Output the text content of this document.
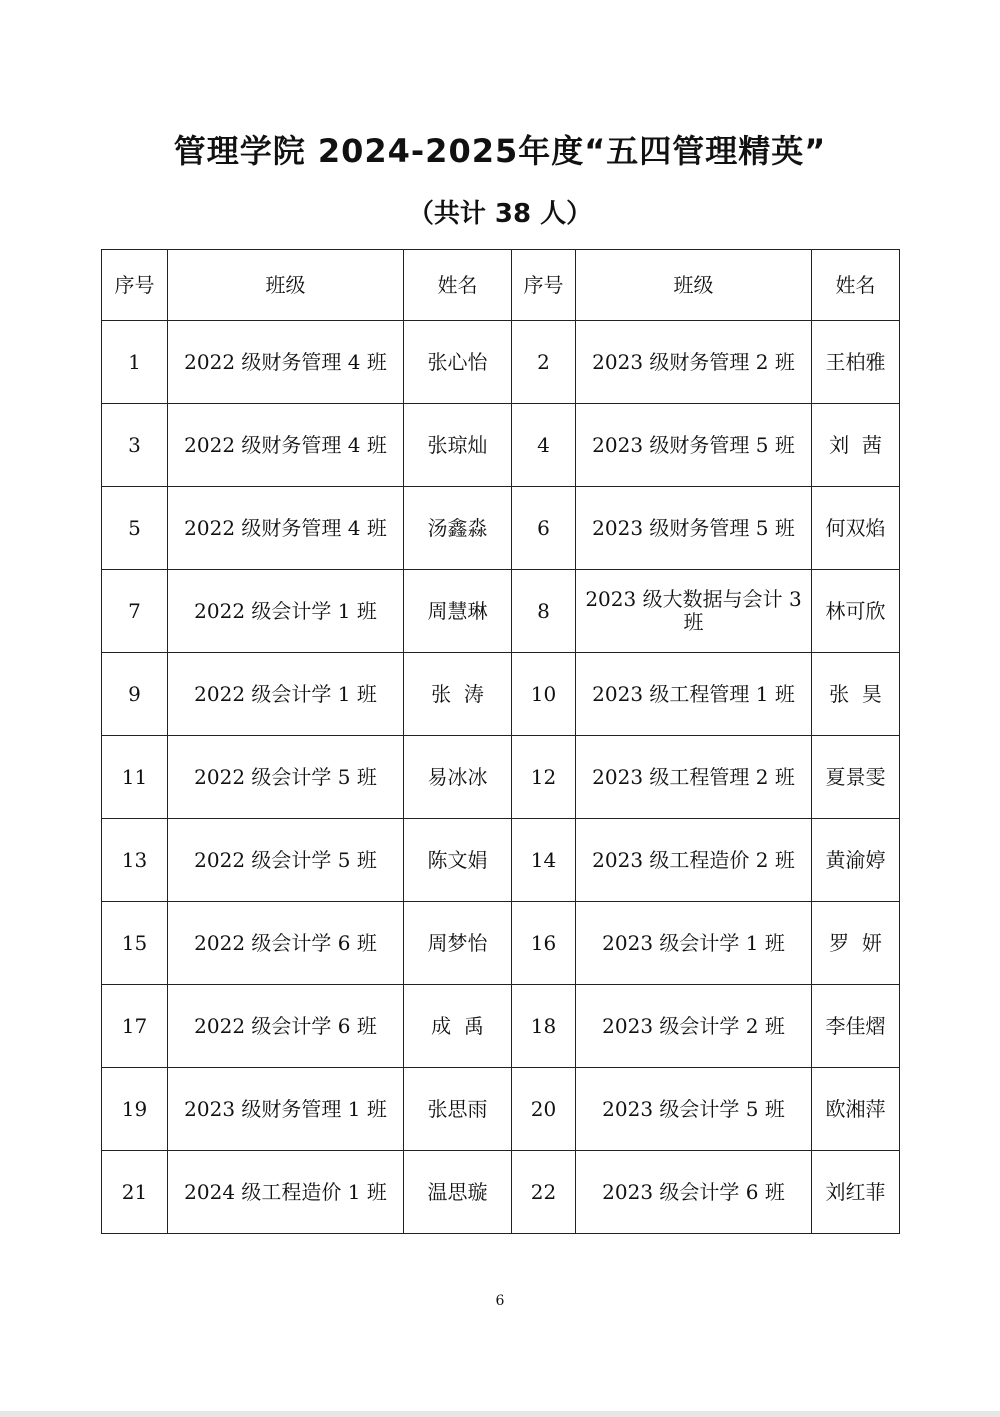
管理学院 2024-2025年度“五四管理精英”
（共计 38 人）
序号	班级	姓名	序号	班级	姓名
1	2022 级财务管理 4 班	张心怡	2	2023 级财务管理 2 班	王柏雅
3	2022 级财务管理 4 班	张琼灿	4	2023 级财务管理 5 班	刘  茜
5	2022 级财务管理 4 班	汤鑫淼	6	2023 级财务管理 5 班	何双焰
7	2022 级会计学 1 班	周慧琳	8	2023 级大数据与会计 3 班	林可欣
9	2022 级会计学 1 班	张  涛	10	2023 级工程管理 1 班	张  昊
11	2022 级会计学 5 班	易冰冰	12	2023 级工程管理 2 班	夏景雯
13	2022 级会计学 5 班	陈文娟	14	2023 级工程造价 2 班	黄渝婷
15	2022 级会计学 6 班	周梦怡	16	2023 级会计学 1 班	罗  妍
17	2022 级会计学 6 班	成  禹	18	2023 级会计学 2 班	李佳熠
19	2023 级财务管理 1 班	张思雨	20	2023 级会计学 5 班	欧湘萍
21	2024 级工程造价 1 班	温思璇	22	2023 级会计学 6 班	刘红菲
6
